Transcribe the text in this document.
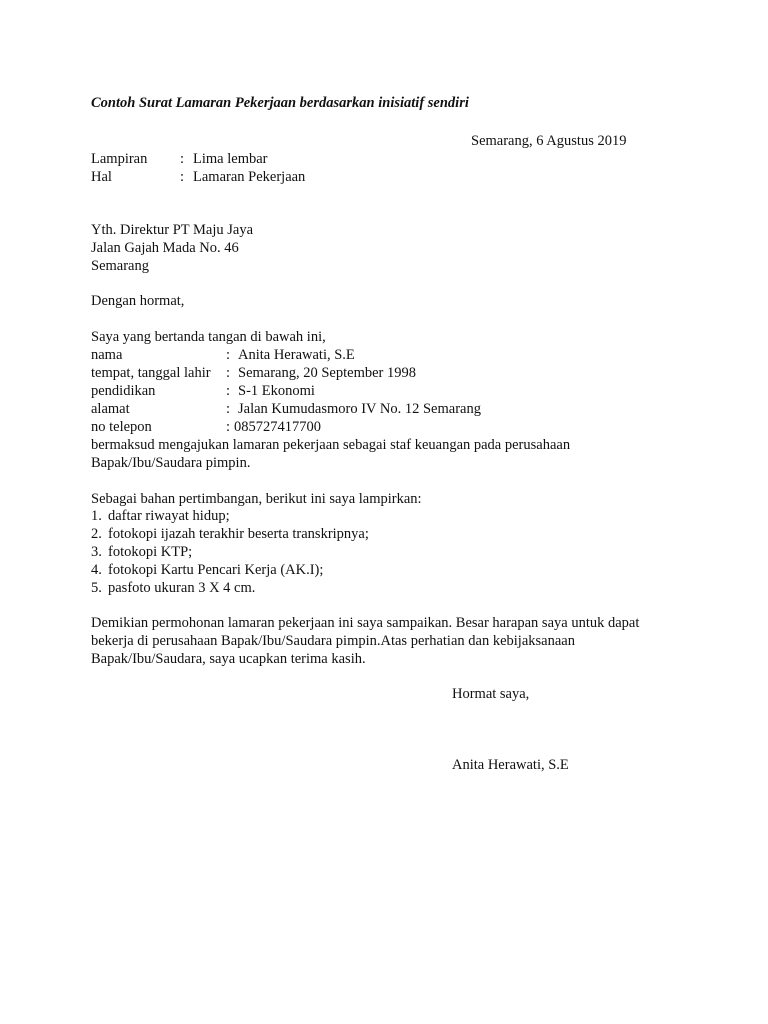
Contoh Surat Lamaran Pekerjaan berdasarkan inisiatif sendiri
Semarang, 6 Agustus 2019
Lampiran : Lima lembar
Hal	: Lamaran Pekerjaan
Yth. Direktur PT Maju Jaya
Jalan Gajah Mada No. 46
Semarang
Dengan hormat,
Saya yang bertanda tangan di bawah ini,
nama	: Anita Herawati, S.E
tempat, tanggal lahir : Semarang, 20 September 1998
pendidikan	: S-1 Ekonomi
alamat	: Jalan Kumudasmoro IV No. 12 Semarang
no telepon	: 085727417700
bermaksud mengajukan lamaran pekerjaan sebagai staf keuangan pada perusahaan
Bapak/Ibu/Saudara pimpin.
Sebagai bahan pertimbangan, berikut ini saya lampirkan:
1. daftar riwayat hidup;
2. fotokopi ijazah terakhir beserta transkripnya;
3. fotokopi KTP;
4. fotokopi Kartu Pencari Kerja (AK.I);
5. pasfoto ukuran 3 X 4 cm.
Demikian permohonan lamaran pekerjaan ini saya sampaikan. Besar harapan saya untuk dapat
bekerja di perusahaan Bapak/Ibu/Saudara pimpin.Atas perhatian dan kebijaksanaan
Bapak/Ibu/Saudara, saya ucapkan terima kasih.
Hormat saya,
Anita Herawati, S.E
